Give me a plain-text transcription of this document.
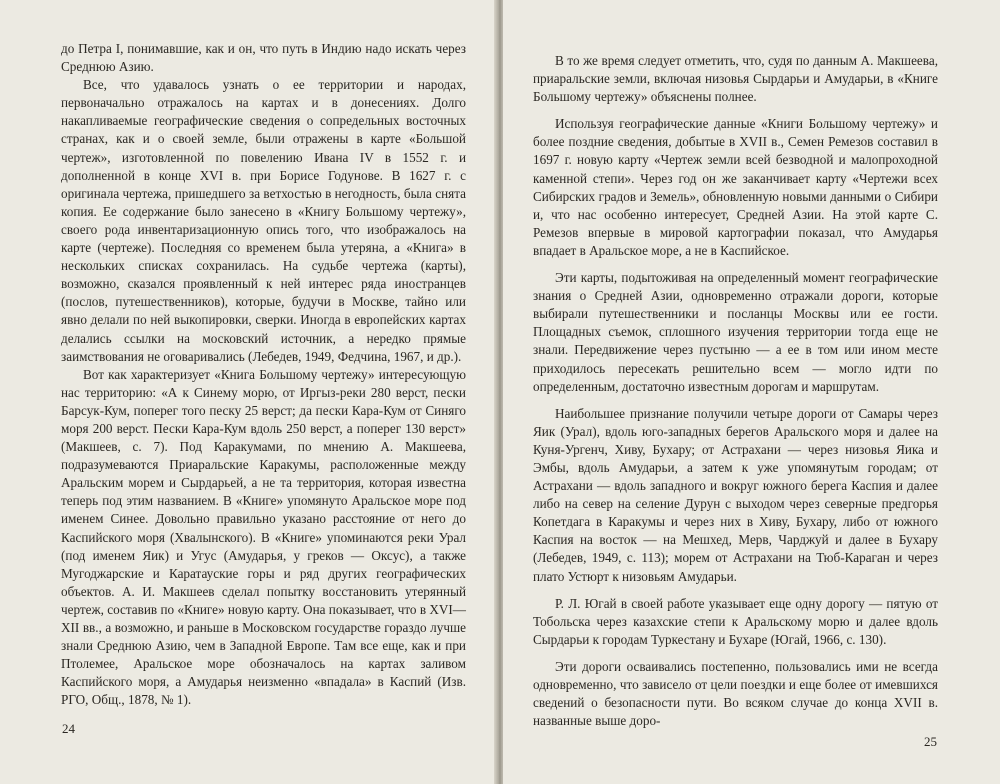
до Петра I, понимавшие, как и он, что путь в Индию надо искать через Среднюю Азию.

Все, что удавалось узнать о ее территории и народах, первоначально отражалось на картах и в донесениях. Долго накапливаемые географические сведения о сопредельных восточных странах, как и о своей земле, были отражены в карте «Большой чертеж», изготовленной по повелению Ивана IV в 1552 г. и дополненной в конце XVI в. при Борисе Годунове. В 1627 г. с оригинала чертежа, пришедшего за ветхостью в негодность, была снята копия. Ее содержание было занесено в «Книгу Большому чертежу», своего рода инвентаризационную опись того, что изображалось на карте (чертеже). Последняя со временем была утеряна, а «Книга» в нескольких списках сохранилась. На судьбе чертежа (карты), возможно, сказался проявленный к ней интерес ряда иностранцев (послов, путешественников), которые, будучи в Москве, тайно или явно делали по ней выкопировки, сверки. Иногда в европейских картах делались ссылки на московский источник, а нередко прямые заимствования не оговаривались (Лебедев, 1949, Федчина, 1967, и др.).

Вот как характеризует «Книга Большому чертежу» интересующую нас территорию: «А к Синему морю, от Иргыз-реки 280 верст, пески Барсук-Кум, поперег того песку 25 верст; да пески Кара-Кум от Синяго моря 200 верст. Пески Кара-Кум вдоль 250 верст, а поперег 130 верст» (Макшеев, с. 7). Под Каракумами, по мнению А. Макшеева, подразумеваются Приаральские Каракумы, расположенные между Аральским морем и Сырдарьей, а не та территория, которая известна теперь под этим названием. В «Книге» упомянуто Аральское море под именем Синее. Довольно правильно указано расстояние от него до Каспийского моря (Хвалынского). В «Книге» упоминаются реки Урал (под именем Яик) и Угус (Амударья, у греков — Оксус), а также Мугоджарские и Каратауские горы и ряд других географических объектов. А. И. Макшеев сделал попытку восстановить утерянный чертеж, составив по «Книге» новую карту. Она показывает, что в XVI—XII вв., а возможно, и раньше в Московском государстве гораздо лучше знали Среднюю Азию, чем в Западной Европе. Там все еще, как и при Птолемее, Аральское море обозначалось на картах заливом Каспийского моря, а Амударья неизменно «впадала» в Каспий (Изв. РГО, Общ., 1878, № 1).

24

В то же время следует отметить, что, судя по данным А. Макшеева, приаральские земли, включая низовья Сырдарьи и Амударьи, в «Книге Большому чертежу» объяснены полнее.

Используя географические данные «Книги Большому чертежу» и более поздние сведения, добытые в XVII в., Семен Ремезов составил в 1697 г. новую карту «Чертеж земли всей безводной и малопроходной каменной степи». Через год он же заканчивает карту «Чертежи всех Сибирских градов и Земель», обновленную новыми данными о Сибири и, что нас особенно интересует, Средней Азии. На этой карте С. Ремезов впервые в мировой картографии показал, что Амударья впадает в Аральское море, а не в Каспийское.

Эти карты, подытоживая на определенный момент географические знания о Средней Азии, одновременно отражали дороги, которые выбирали путешественники и посланцы Москвы или ее гости. Площадных съемок, сплошного изучения территории тогда еще не знали. Передвижение через пустыню — а ее в том или ином месте приходилось пересекать решительно всем — могло идти по определенным, достаточно известным дорогам и маршрутам.

Наибольшее признание получили четыре дороги от Самары через Яик (Урал), вдоль юго-западных берегов Аральского моря и далее на Куня-Ургенч, Хиву, Бухару; от Астрахани — через низовья Яика и Эмбы, вдоль Амударьи, а затем к уже упомянутым городам; от Астрахани — вдоль западного и вокруг южного берега Каспия и далее либо на север на селение Дурун с выходом через северные предгорья Копетдага в Каракумы и через них в Хиву, Бухару, либо от южного Каспия на восток — на Мешхед, Мерв, Чарджуй и далее в Бухару (Лебедев, 1949, с. 113); морем от Астрахани на Тюб-Караган и через плато Устюрт к низовьям Амударьи.

Р. Л. Югай в своей работе указывает еще одну дорогу — пятую от Тобольска через казахские степи к Аральскому морю и далее вдоль Сырдарьи к городам Туркестану и Бухаре (Югай, 1966, с. 130).

Эти дороги осваивались постепенно, пользовались ими не всегда одновременно, что зависело от цели поездки и еще более от имевшихся сведений о безопасности пути. Во всяком случае до конца XVII в. названные выше доро-

25
